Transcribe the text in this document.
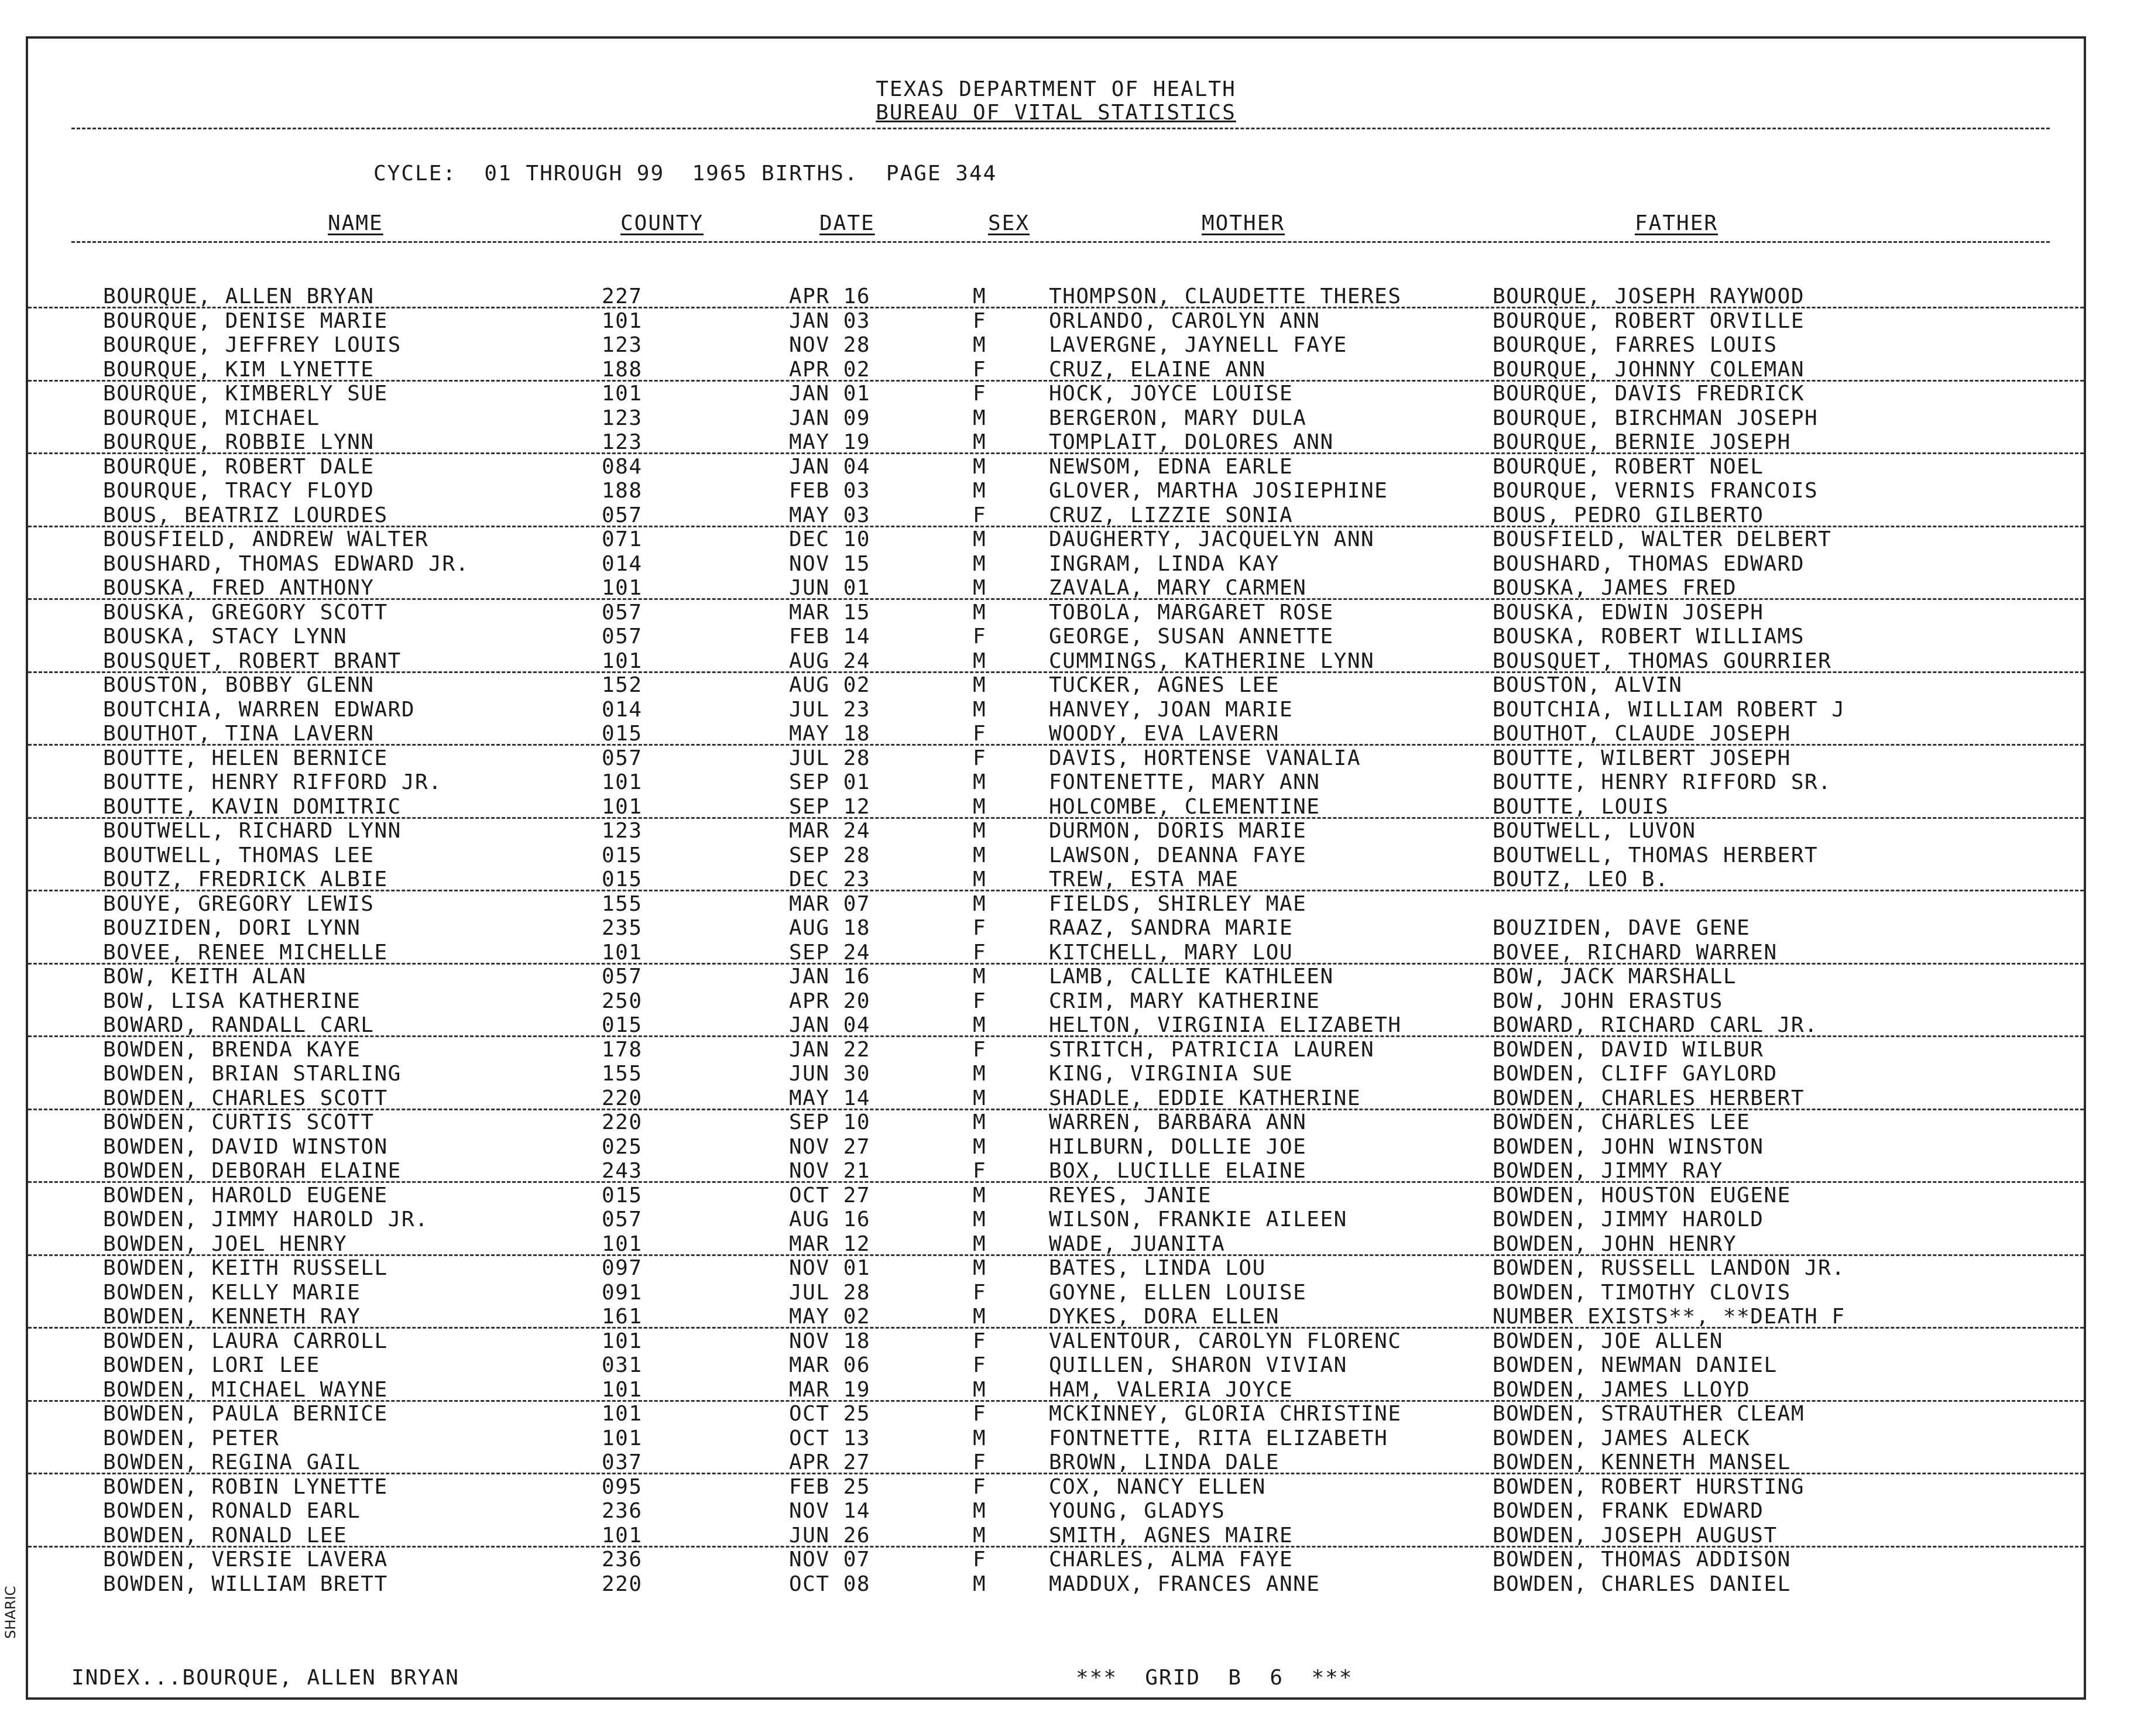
TEXAS DEPARTMENT OF HEALTH
BUREAU OF VITAL STATISTICS
CYCLE:  01 THROUGH 99  1965 BIRTHS.  PAGE 344
NAME	COUNTY	DATE	SEX	MOTHER	FATHER
BOURQUE, ALLEN BRYAN	227	APR 16	M	THOMPSON, CLAUDETTE THERES	BOURQUE, JOSEPH RAYWOOD
BOURQUE, DENISE MARIE	101	JAN 03	F	ORLANDO, CAROLYN ANN	BOURQUE, ROBERT ORVILLE
BOURQUE, JEFFREY LOUIS	123	NOV 28	M	LAVERGNE, JAYNELL FAYE	BOURQUE, FARRES LOUIS
BOURQUE, KIM LYNETTE	188	APR 02	F	CRUZ, ELAINE ANN	BOURQUE, JOHNNY COLEMAN
BOURQUE, KIMBERLY SUE	101	JAN 01	F	HOCK, JOYCE LOUISE	BOURQUE, DAVIS FREDRICK
BOURQUE, MICHAEL	123	JAN 09	M	BERGERON, MARY DULA	BOURQUE, BIRCHMAN JOSEPH
BOURQUE, ROBBIE LYNN	123	MAY 19	M	TOMPLAIT, DOLORES ANN	BOURQUE, BERNIE JOSEPH
BOURQUE, ROBERT DALE	084	JAN 04	M	NEWSOM, EDNA EARLE	BOURQUE, ROBERT NOEL
BOURQUE, TRACY FLOYD	188	FEB 03	M	GLOVER, MARTHA JOSIEPHINE	BOURQUE, VERNIS FRANCOIS
BOUS, BEATRIZ LOURDES	057	MAY 03	F	CRUZ, LIZZIE SONIA	BOUS, PEDRO GILBERTO
BOUSFIELD, ANDREW WALTER	071	DEC 10	M	DAUGHERTY, JACQUELYN ANN	BOUSFIELD, WALTER DELBERT
BOUSHARD, THOMAS EDWARD JR.	014	NOV 15	M	INGRAM, LINDA KAY	BOUSHARD, THOMAS EDWARD
BOUSKA, FRED ANTHONY	101	JUN 01	M	ZAVALA, MARY CARMEN	BOUSKA, JAMES FRED
BOUSKA, GREGORY SCOTT	057	MAR 15	M	TOBOLA, MARGARET ROSE	BOUSKA, EDWIN JOSEPH
BOUSKA, STACY LYNN	057	FEB 14	F	GEORGE, SUSAN ANNETTE	BOUSKA, ROBERT WILLIAMS
BOUSQUET, ROBERT BRANT	101	AUG 24	M	CUMMINGS, KATHERINE LYNN	BOUSQUET, THOMAS GOURRIER
BOUSTON, BOBBY GLENN	152	AUG 02	M	TUCKER, AGNES LEE	BOUSTON, ALVIN
BOUTCHIA, WARREN EDWARD	014	JUL 23	M	HANVEY, JOAN MARIE	BOUTCHIA, WILLIAM ROBERT J
BOUTHOT, TINA LAVERN	015	MAY 18	F	WOODY, EVA LAVERN	BOUTHOT, CLAUDE JOSEPH
BOUTTE, HELEN BERNICE	057	JUL 28	F	DAVIS, HORTENSE VANALIA	BOUTTE, WILBERT JOSEPH
BOUTTE, HENRY RIFFORD JR.	101	SEP 01	M	FONTENETTE, MARY ANN	BOUTTE, HENRY RIFFORD SR.
BOUTTE, KAVIN DOMITRIC	101	SEP 12	M	HOLCOMBE, CLEMENTINE	BOUTTE, LOUIS
BOUTWELL, RICHARD LYNN	123	MAR 24	M	DURMON, DORIS MARIE	BOUTWELL, LUVON
BOUTWELL, THOMAS LEE	015	SEP 28	M	LAWSON, DEANNA FAYE	BOUTWELL, THOMAS HERBERT
BOUTZ, FREDRICK ALBIE	015	DEC 23	M	TREW, ESTA MAE	BOUTZ, LEO B.
BOUYE, GREGORY LEWIS	155	MAR 07	M	FIELDS, SHIRLEY MAE
BOUZIDEN, DORI LYNN	235	AUG 18	F	RAAZ, SANDRA MARIE	BOUZIDEN, DAVE GENE
BOVEE, RENEE MICHELLE	101	SEP 24	F	KITCHELL, MARY LOU	BOVEE, RICHARD WARREN
BOW, KEITH ALAN	057	JAN 16	M	LAMB, CALLIE KATHLEEN	BOW, JACK MARSHALL
BOW, LISA KATHERINE	250	APR 20	F	CRIM, MARY KATHERINE	BOW, JOHN ERASTUS
BOWARD, RANDALL CARL	015	JAN 04	M	HELTON, VIRGINIA ELIZABETH	BOWARD, RICHARD CARL JR.
BOWDEN, BRENDA KAYE	178	JAN 22	F	STRITCH, PATRICIA LAUREN	BOWDEN, DAVID WILBUR
BOWDEN, BRIAN STARLING	155	JUN 30	M	KING, VIRGINIA SUE	BOWDEN, CLIFF GAYLORD
BOWDEN, CHARLES SCOTT	220	MAY 14	M	SHADLE, EDDIE KATHERINE	BOWDEN, CHARLES HERBERT
BOWDEN, CURTIS SCOTT	220	SEP 10	M	WARREN, BARBARA ANN	BOWDEN, CHARLES LEE
BOWDEN, DAVID WINSTON	025	NOV 27	M	HILBURN, DOLLIE JOE	BOWDEN, JOHN WINSTON
BOWDEN, DEBORAH ELAINE	243	NOV 21	F	BOX, LUCILLE ELAINE	BOWDEN, JIMMY RAY
BOWDEN, HAROLD EUGENE	015	OCT 27	M	REYES, JANIE	BOWDEN, HOUSTON EUGENE
BOWDEN, JIMMY HAROLD JR.	057	AUG 16	M	WILSON, FRANKIE AILEEN	BOWDEN, JIMMY HAROLD
BOWDEN, JOEL HENRY	101	MAR 12	M	WADE, JUANITA	BOWDEN, JOHN HENRY
BOWDEN, KEITH RUSSELL	097	NOV 01	M	BATES, LINDA LOU	BOWDEN, RUSSELL LANDON JR.
BOWDEN, KELLY MARIE	091	JUL 28	F	GOYNE, ELLEN LOUISE	BOWDEN, TIMOTHY CLOVIS
BOWDEN, KENNETH RAY	161	MAY 02	M	DYKES, DORA ELLEN	NUMBER EXISTS**, **DEATH F
BOWDEN, LAURA CARROLL	101	NOV 18	F	VALENTOUR, CAROLYN FLORENC	BOWDEN, JOE ALLEN
BOWDEN, LORI LEE	031	MAR 06	F	QUILLEN, SHARON VIVIAN	BOWDEN, NEWMAN DANIEL
BOWDEN, MICHAEL WAYNE	101	MAR 19	M	HAM, VALERIA JOYCE	BOWDEN, JAMES LLOYD
BOWDEN, PAULA BERNICE	101	OCT 25	F	MCKINNEY, GLORIA CHRISTINE	BOWDEN, STRAUTHER CLEAM
BOWDEN, PETER	101	OCT 13	M	FONTNETTE, RITA ELIZABETH	BOWDEN, JAMES ALECK
BOWDEN, REGINA GAIL	037	APR 27	F	BROWN, LINDA DALE	BOWDEN, KENNETH MANSEL
BOWDEN, ROBIN LYNETTE	095	FEB 25	F	COX, NANCY ELLEN	BOWDEN, ROBERT HURSTING
BOWDEN, RONALD EARL	236	NOV 14	M	YOUNG, GLADYS	BOWDEN, FRANK EDWARD
BOWDEN, RONALD LEE	101	JUN 26	M	SMITH, AGNES MAIRE	BOWDEN, JOSEPH AUGUST
BOWDEN, VERSIE LAVERA	236	NOV 07	F	CHARLES, ALMA FAYE	BOWDEN, THOMAS ADDISON
BOWDEN, WILLIAM BRETT	220	OCT 08	M	MADDUX, FRANCES ANNE	BOWDEN, CHARLES DANIEL
INDEX...BOURQUE, ALLEN BRYAN	***  GRID  B  6  ***
SHARIC
